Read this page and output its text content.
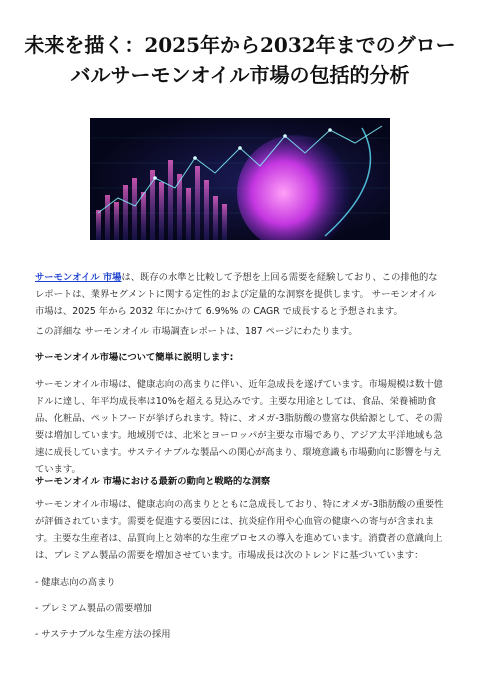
未来を描く：2025年から2032年までのグローバルサーモンオイル市場の包括的分析

サーモンオイル 市場は、既存の水準と比較して予想を上回る需要を経験しており、この排他的なレポートは、業界セグメントに関する定性的および定量的な洞察を提供します。 サーモンオイル 市場は、2025 年から 2032 年にかけて 6.9%% の CAGR で成長すると予想されます。

この詳細な サーモンオイル 市場調査レポートは、187 ページにわたります。

サーモンオイル市場について簡単に説明します:

サーモンオイル市場は、健康志向の高まりに伴い、近年急成長を遂げています。市場規模は数十億ドルに達し、年平均成長率は10%を超える見込みです。主要な用途としては、食品、栄養補助食品、化粧品、ペットフードが挙げられます。特に、オメガ-3脂肪酸の豊富な供給源として、その需要は増加しています。地域別では、北米とヨーロッパが主要な市場であり、アジア太平洋地域も急速に成長しています。サステイナブルな製品への関心が高まり、環境意識も市場動向に影響を与えています。

サーモンオイル 市場における最新の動向と戦略的な洞察

サーモンオイル市場は、健康志向の高まりとともに急成長しており、特にオメガ-3脂肪酸の重要性が評価されています。需要を促進する要因には、抗炎症作用や心血管の健康への寄与が含まれます。主要な生産者は、品質向上と効率的な生産プロセスの導入を進めています。消費者の意識向上は、プレミアム製品の需要を増加させています。市場成長は次のトレンドに基づいています：

- 健康志向の高まり

- プレミアム製品の需要増加

- サステナブルな生産方法の採用
